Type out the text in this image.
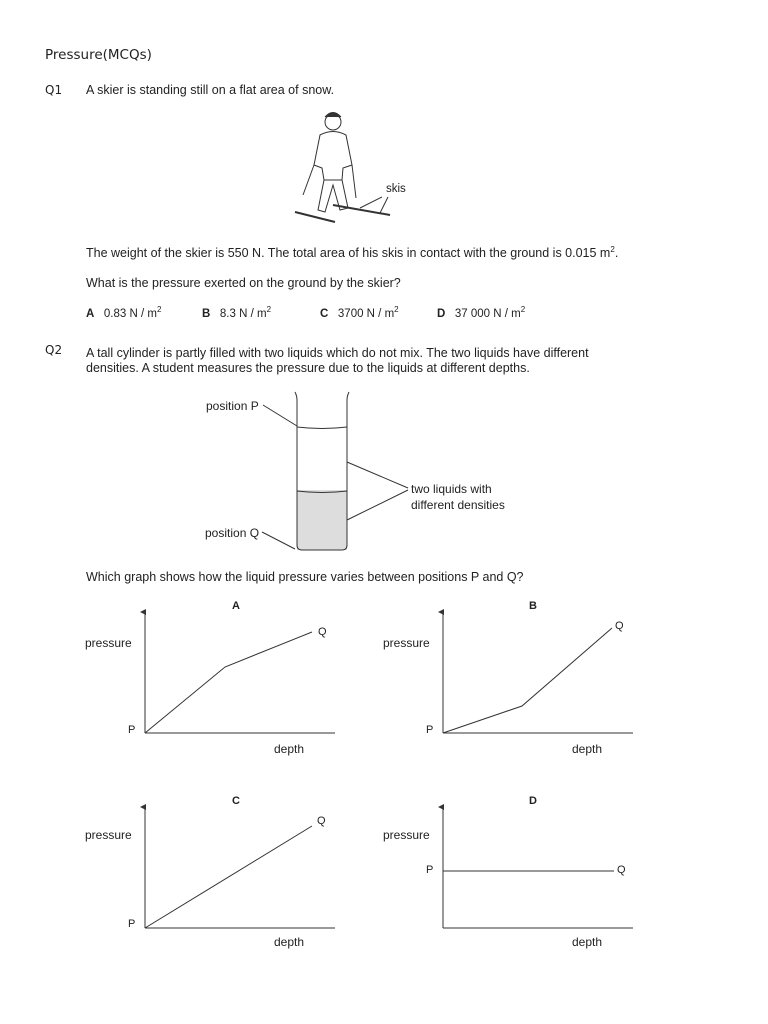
Pressure(MCQs)
Q1 A skier is standing still on a flat area of snow.
skis
The weight of the skier is 550 N. The total area of his skis in contact with the ground is 0.015 $m^2$.
What is the pressure exerted on the ground by the skier?
A 0.83 N / $m^2$	B 8.3 N / $m^2$	C 3700 N / $m^2$	D 37 000 N / $m^2$
Q2 A tall cylinder is partly filled with two liquids which do not mix. The two liquids have different
densities. A student measures the pressure due to the liquids at different depths.
position P
position Q
two liquids with
different densities
Which graph shows how the liquid pressure varies between positions P and Q?
A
pressure
depth
P
Q
B
pressure
depth
P
Q
C
pressure
depth
P
Q
D
pressure
depth
P	Q
